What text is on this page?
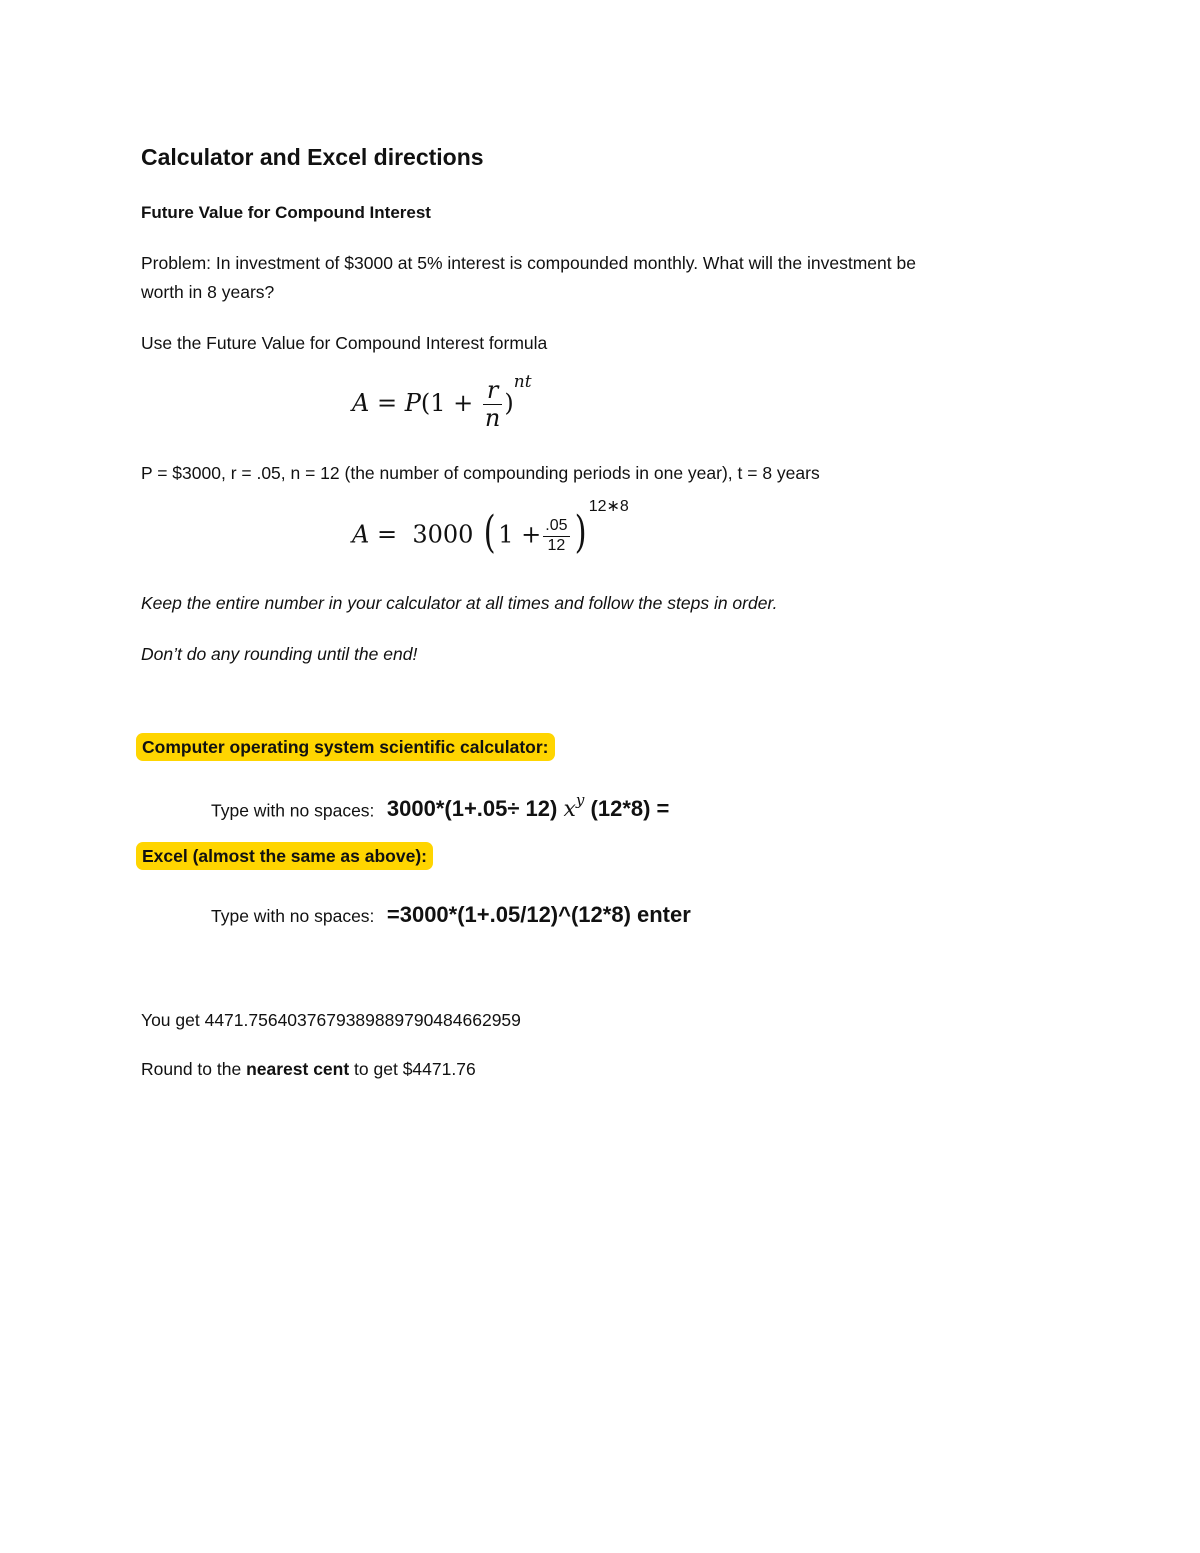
Calculator and Excel directions
Future Value for Compound Interest
Problem: In investment of $3000 at 5% interest is compounded monthly. What will the investment be
worth in 8 years?
Use the Future Value for Compound Interest formula
$A = P(1 + \frac{r}{n} )^{nt}$
P = $3000, r = .05, n = 12 (the number of compounding periods in one year), t = 8 years
A = 3000 ( $1 + \frac{.05}{12} )^{12∗8}$
Keep the entire number in your calculator at all times and follow the steps in order.
Don’t do any rounding until the end!
Computer operating system scientific calculator:
Type with no spaces: 3000*(1+.05÷ 12) $x^y$ (12*8) =
Excel (almost the same as above):
Type with no spaces: =3000*(1+.05/12)^(12*8) enter
You get 4471.7564037679389889790484662959
Round to the nearest cent to get $4471.76
